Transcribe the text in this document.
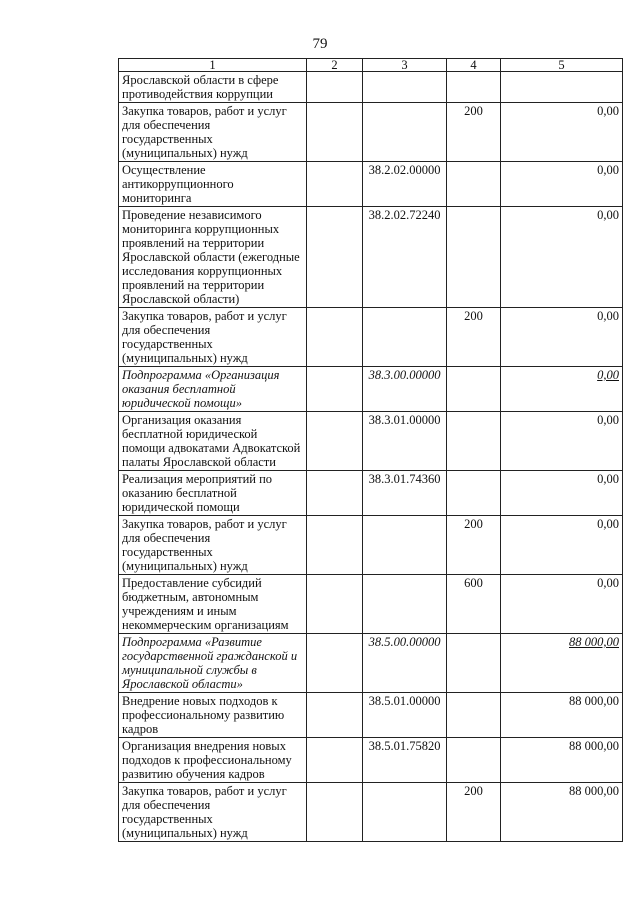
79
1	2	3	4	5
Ярославской области в сфере противодействия коррупции				
Закупка товаров, работ и услуг для обеспечения государственных (муниципальных) нужд			200	0,00
Осуществление антикоррупционного мониторинга		38.2.02.00000		0,00
Проведение независимого мониторинга коррупционных проявлений на территории Ярославской области (ежегодные исследования коррупционных проявлений на территории Ярославской области)		38.2.02.72240		0,00
Закупка товаров, работ и услуг для обеспечения государственных (муниципальных) нужд			200	0,00
Подпрограмма «Организация оказания бесплатной юридической помощи»		38.3.00.00000		0,00
Организация оказания бесплатной юридической помощи адвокатами Адвокатской палаты Ярославской области		38.3.01.00000		0,00
Реализация мероприятий по оказанию бесплатной юридической помощи		38.3.01.74360		0,00
Закупка товаров, работ и услуг для обеспечения государственных (муниципальных) нужд			200	0,00
Предоставление субсидий бюджетным, автономным учреждениям и иным некоммерческим организациям			600	0,00
Подпрограмма «Развитие государственной гражданской и муниципальной службы в Ярославской области»		38.5.00.00000		88 000,00
Внедрение новых подходов к профессиональному развитию кадров		38.5.01.00000		88 000,00
Организация внедрения новых подходов к профессиональному развитию обучения кадров		38.5.01.75820		88 000,00
Закупка товаров, работ и услуг для обеспечения государственных (муниципальных) нужд			200	88 000,00
